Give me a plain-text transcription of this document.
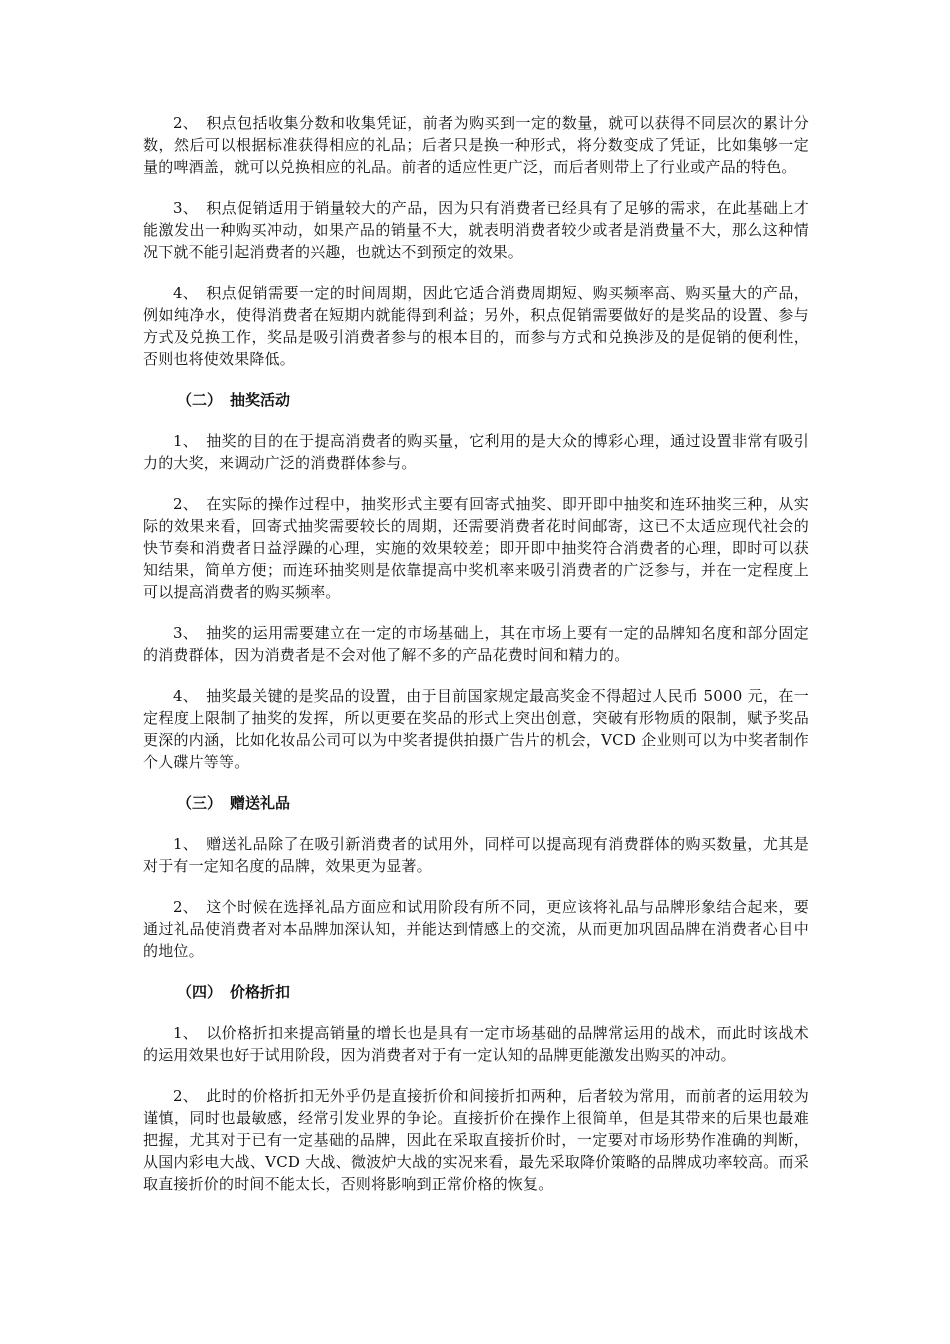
2、 积点包括收集分数和收集凭证，前者为购买到一定的数量，就可以获得不同层次的累计分数，然后可以根据标准获得相应的礼品；后者只是换一种形式，将分数变成了凭证，比如集够一定量的啤酒盖，就可以兑换相应的礼品。前者的适应性更广泛，而后者则带上了行业或产品的特色。

3、 积点促销适用于销量较大的产品，因为只有消费者已经具有了足够的需求，在此基础上才能激发出一种购买冲动，如果产品的销量不大，就表明消费者较少或者是消费量不大，那么这种情况下就不能引起消费者的兴趣，也就达不到预定的效果。

4、 积点促销需要一定的时间周期，因此它适合消费周期短、购买频率高、购买量大的产品，例如纯净水，使得消费者在短期内就能得到利益；另外，积点促销需要做好的是奖品的设置、参与方式及兑换工作，奖品是吸引消费者参与的根本目的，而参与方式和兑换涉及的是促销的便利性，否则也将使效果降低。

（二） 抽奖活动

1、 抽奖的目的在于提高消费者的购买量，它利用的是大众的博彩心理，通过设置非常有吸引力的大奖，来调动广泛的消费群体参与。

2、 在实际的操作过程中，抽奖形式主要有回寄式抽奖、即开即中抽奖和连环抽奖三种，从实际的效果来看，回寄式抽奖需要较长的周期，还需要消费者花时间邮寄，这已不太适应现代社会的快节奏和消费者日益浮躁的心理，实施的效果较差；即开即中抽奖符合消费者的心理，即时可以获知结果，简单方便；而连环抽奖则是依靠提高中奖机率来吸引消费者的广泛参与，并在一定程度上可以提高消费者的购买频率。

3、 抽奖的运用需要建立在一定的市场基础上，其在市场上要有一定的品牌知名度和部分固定的消费群体，因为消费者是不会对他了解不多的产品花费时间和精力的。

4、 抽奖最关键的是奖品的设置，由于目前国家规定最高奖金不得超过人民币 5000 元，在一定程度上限制了抽奖的发挥，所以更要在奖品的形式上突出创意，突破有形物质的限制，赋予奖品更深的内涵，比如化妆品公司可以为中奖者提供拍摄广告片的机会，VCD 企业则可以为中奖者制作个人碟片等等。

（三） 赠送礼品

1、 赠送礼品除了在吸引新消费者的试用外，同样可以提高现有消费群体的购买数量，尤其是对于有一定知名度的品牌，效果更为显著。

2、 这个时候在选择礼品方面应和试用阶段有所不同，更应该将礼品与品牌形象结合起来，要通过礼品使消费者对本品牌加深认知，并能达到情感上的交流，从而更加巩固品牌在消费者心目中的地位。

（四） 价格折扣

1、 以价格折扣来提高销量的增长也是具有一定市场基础的品牌常运用的战术，而此时该战术的运用效果也好于试用阶段，因为消费者对于有一定认知的品牌更能激发出购买的冲动。

2、 此时的价格折扣无外乎仍是直接折价和间接折扣两种，后者较为常用，而前者的运用较为谨慎，同时也最敏感，经常引发业界的争论。直接折价在操作上很简单，但是其带来的后果也最难把握，尤其对于已有一定基础的品牌，因此在采取直接折价时，一定要对市场形势作准确的判断，从国内彩电大战、VCD 大战、微波炉大战的实况来看，最先采取降价策略的品牌成功率较高。而采取直接折价的时间不能太长，否则将影响到正常价格的恢复。
